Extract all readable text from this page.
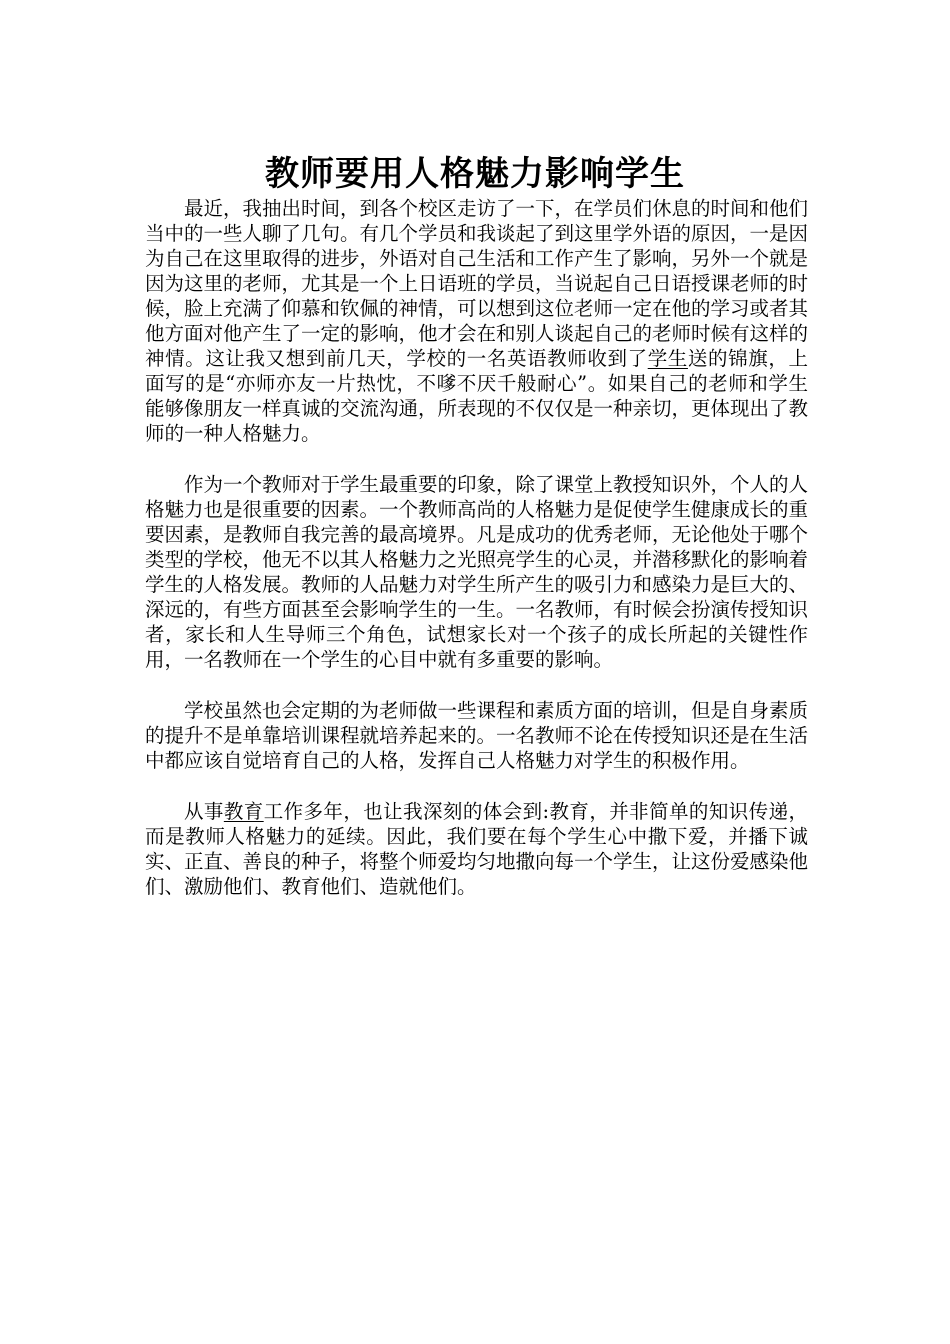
教师要用人格魅力影响学生

最近，我抽出时间，到各个校区走访了一下，在学员们休息的时间和他们当中的一些人聊了几句。有几个学员和我谈起了到这里学外语的原因，一是因为自己在这里取得的进步，外语对自己生活和工作产生了影响，另外一个就是因为这里的老师，尤其是一个上日语班的学员，当说起自己日语授课老师的时候，脸上充满了仰慕和钦佩的神情，可以想到这位老师一定在他的学习或者其他方面对他产生了一定的影响，他才会在和别人谈起自己的老师时候有这样的神情。这让我又想到前几天，学校的一名英语教师收到了学生送的锦旗，上面写的是“亦师亦友一片热忱，不嗲不厌千般耐心”。如果自己的老师和学生能够像朋友一样真诚的交流沟通，所表现的不仅仅是一种亲切，更体现出了教师的一种人格魅力。

作为一个教师对于学生最重要的印象，除了课堂上教授知识外，个人的人格魅力也是很重要的因素。一个教师高尚的人格魅力是促使学生健康成长的重要因素，是教师自我完善的最高境界。凡是成功的优秀老师，无论他处于哪个类型的学校，他无不以其人格魅力之光照亮学生的心灵，并潜移默化的影响着学生的人格发展。教师的人品魅力对学生所产生的吸引力和感染力是巨大的、深远的，有些方面甚至会影响学生的一生。一名教师，有时候会扮演传授知识者，家长和人生导师三个角色，试想家长对一个孩子的成长所起的关键性作用，一名教师在一个学生的心目中就有多重要的影响。

学校虽然也会定期的为老师做一些课程和素质方面的培训，但是自身素质的提升不是单靠培训课程就培养起来的。一名教师不论在传授知识还是在生活中都应该自觉培育自己的人格，发挥自己人格魅力对学生的积极作用。

从事教育工作多年，也让我深刻的体会到:教育，并非简单的知识传递，而是教师人格魅力的延续。因此，我们要在每个学生心中撒下爱，并播下诚实、正直、善良的种子，将整个师爱均匀地撒向每一个学生，让这份爱感染他们、激励他们、教育他们、造就他们。
